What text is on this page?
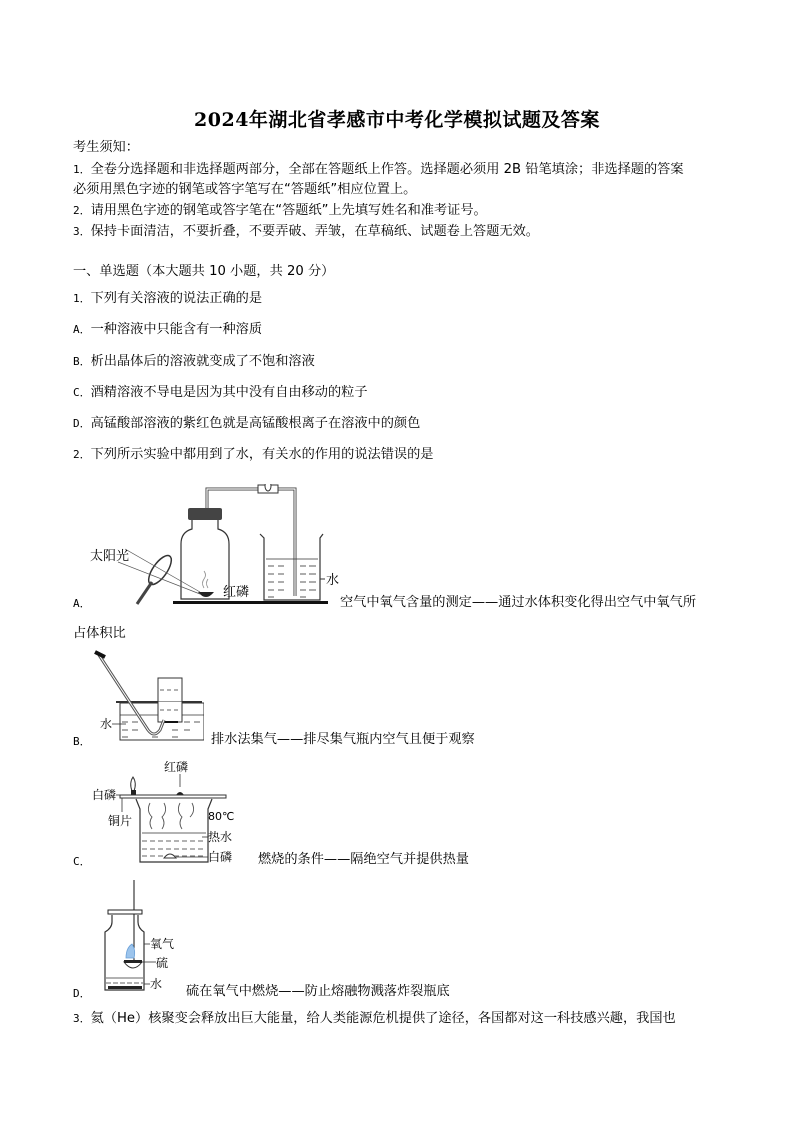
2024年湖北省孝感市中考化学模拟试题及答案
考生须知：
1．全卷分选择题和非选择题两部分，全部在答题纸上作答。选择题必须用 2B 铅笔填涂；非选择题的答案
必须用黑色字迹的钢笔或答字笔写在“答题纸”相应位置上。
2．请用黑色字迹的钢笔或答字笔在“答题纸”上先填写姓名和准考证号。
3．保持卡面清洁，不要折叠，不要弄破、弄皱，在草稿纸、试题卷上答题无效。
一、单选题（本大题共 10 小题，共 20 分）
1．下列有关溶液的说法正确的是
A．一种溶液中只能含有一种溶质
B．析出晶体后的溶液就变成了不饱和溶液
C．酒精溶液不导电是因为其中没有自由移动的粒子
D．高锰酸部溶液的紫红色就是高锰酸根离子在溶液中的颜色
2．下列所示实验中都用到了水，有关水的作用的说法错误的是
太阳光
红磷
水
A．	空气中氧气含量的测定——通过水体积变化得出空气中氧气所
占体积比
水
B．	排水法集气——排尽集气瓶内空气且便于观察
红磷
白磷
铜片	80℃
热水
白磷
C．	燃烧的条件——隔绝空气并提供热量
氧气
硫
水
D．	硫在氧气中燃烧——防止熔融物溅落炸裂瓶底
3．氦（He）核聚变会释放出巨大能量，给人类能源危机提供了途径，各国都对这一科技感兴趣，我国也
